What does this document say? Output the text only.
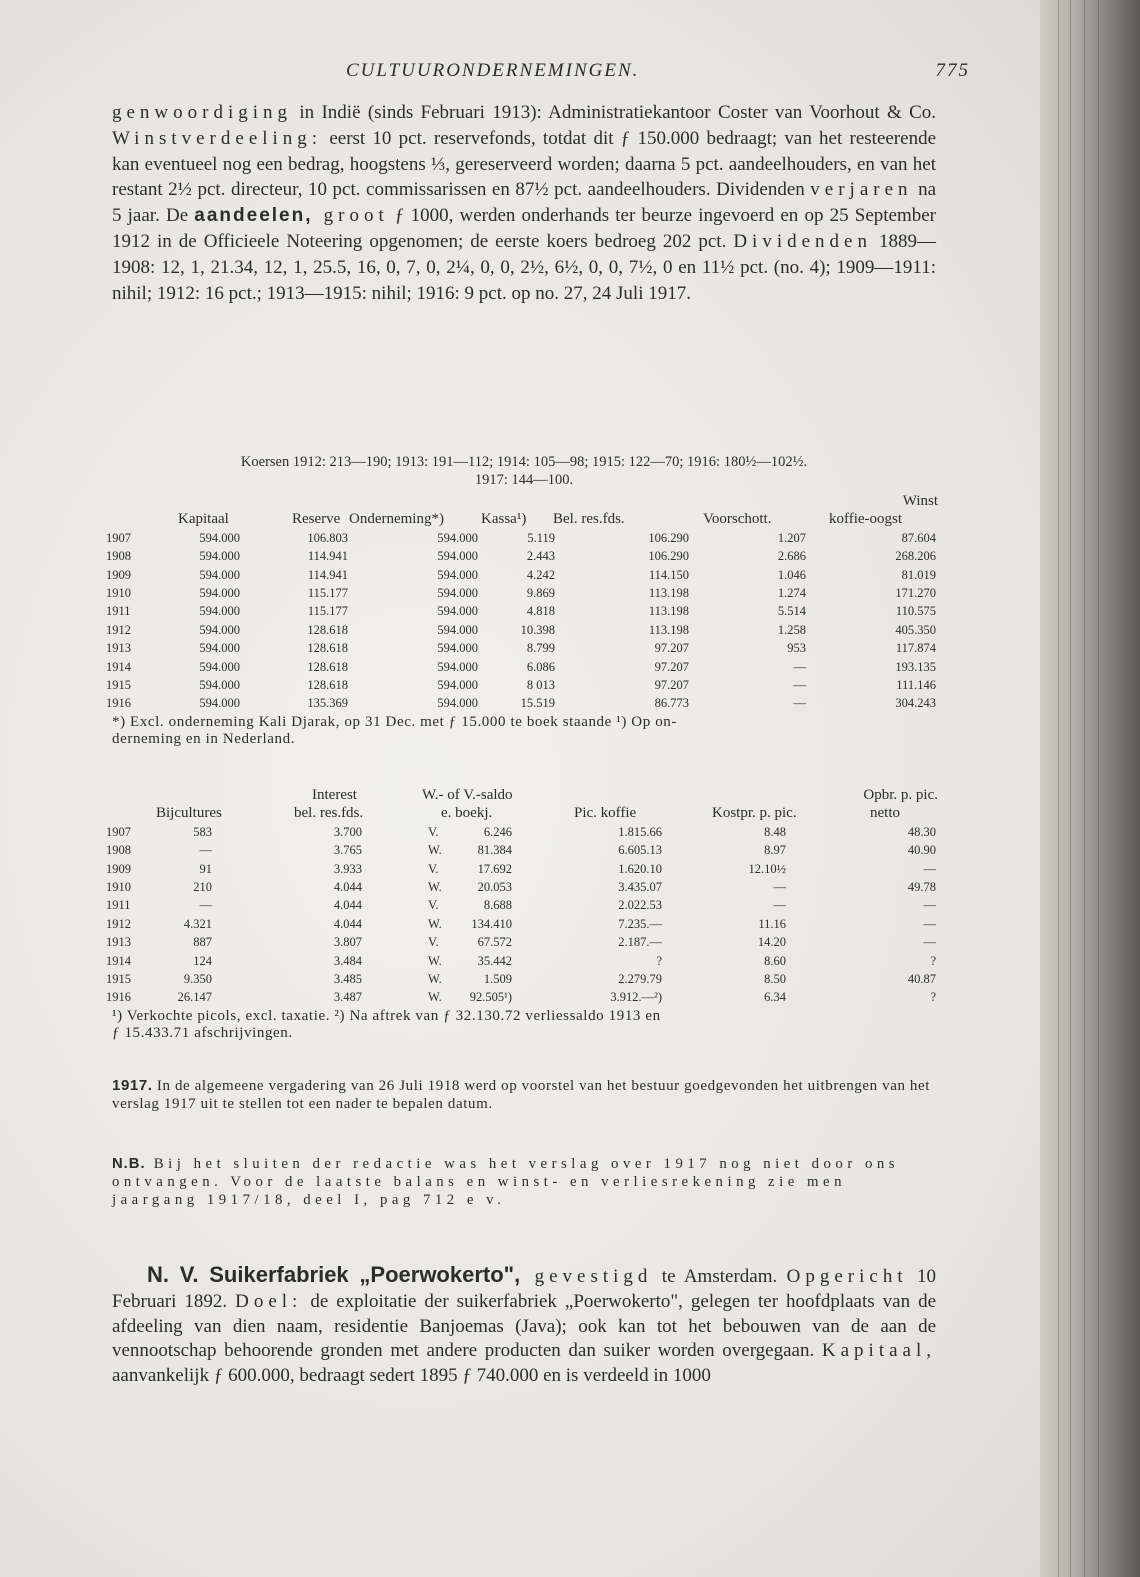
CULTUURONDERNEMINGEN.	775
genwoordiging in Indië (sinds Februari 1913): Administratiekantoor Coster van Voorhout & Co. Winstverdeeling: eerst 10 pct. reservefonds, totdat dit ƒ 150.000 bedraagt; van het resteerende kan eventueel nog een bedrag, hoogstens ⅓, gereserveerd worden; daarna 5 pct. aandeelhouders, en van het restant 2½ pct. directeur, 10 pct. commissarissen en 87½ pct. aandeelhouders. Dividenden verjaren na 5 jaar. De aandeelen, groot ƒ 1000, werden onderhands ter beurze ingevoerd en op 25 September 1912 in de Officieele Noteering opgenomen; de eerste koers bedroeg 202 pct. Dividenden 1889—1908: 12, 1, 21.34, 12, 1, 25.5, 16, 0, 7, 0, 2¼, 0, 0, 2½, 6½, 0, 0, 7½, 0 en 11½ pct. (no. 4); 1909—1911: nihil; 1912: 16 pct.; 1913—1915: nihil; 1916: 9 pct. op no. 27, 24 Juli 1917.
Koersen 1912: 213—190; 1913: 191—112; 1914: 105—98; 1915: 122—70; 1916: 180½—102½.
1917: 144—100.
Winst
Kapitaal	Reserve Onderneming*) Kassa¹) Bel. res.fds.	Voorschott.	koffie-oogst
1907	594.000	106.803	594.000	5.119	106.290	1.207	87.604
1908	594.000	114.941	594.000	2.443	106.290	2.686	268.206
1909	594.000	114.941	594.000	4.242	114.150	1.046	81.019
1910	594.000	115.177	594.000	9.869	113.198	1.274	171.270
1911	594.000	115.177	594.000	4.818	113.198	5.514	110.575
1912	594.000	128.618	594.000	10.398	113.198	1.258	405.350
1913	594.000	128.618	594.000	8.799	97.207	953	117.874
1914	594.000	128.618	594.000	6.086	97.207	—	193.135
1915	594.000	128.618	594.000	8 013	97.207	—	111.146
1916	594.000	135.369	594.000	15.519	86.773	—	304.243
*) Excl. onderneming Kali Djarak, op 31 Dec. met ƒ 15.000 te boek staande ¹) Op on-
derneming en in Nederland.
Interest	W.- of V.-saldo	Opbr. p. pic.
Bijcultures	bel. res.fds.	e. boekj.	Pic. koffie	Kostpr. p. pic.	netto
1907	583	3.700	V.	6.246	1.815.66	8.48	48.30
1908	—	3.765	W.	81.384	6.605.13	8.97	40.90
1909	91	3.933	V.	17.692	1.620.10	12.10½	—
1910	210	4.044	W.	20.053	3.435.07	—	49.78
1911	—	4.044	V.	8.688	2.022.53	—	—
1912	4.321	4.044	W. 134.410	7.235.—	11.16	—
1913	887	3.807	V.	67.572	2.187.—	14.20	—
1914	124	3.484	W.	35.442	?	8.60	?
1915	9.350	3.485	W.	1.509	2.279.79	8.50	40.87
1916	26.147	3.487	W. 92.505¹)	3.912.—²)	6.34	?
¹) Verkochte picols, excl. taxatie. ²) Na aftrek van ƒ 32.130.72 verliessaldo 1913 en
ƒ 15.433.71 afschrijvingen.
1917. In de algemeene vergadering van 26 Juli 1918 werd op voorstel van het bestuur goedgevonden het uitbrengen van het verslag 1917 uit te stellen tot een nader te bepalen datum.
N.B. Bij het sluiten der redactie was het verslag over 1917 nog niet door ons ontvangen. Voor de laatste balans en winst- en verliesrekening zie men jaargang 1917/18, deel I, pag 712 e v.
N. V. Suikerfabriek „Poerwokerto", gevestigd te Amsterdam. Opgericht 10 Februari 1892. Doel: de exploitatie der suikerfabriek „Poerwokerto", gelegen ter hoofdplaats van de afdeeling van dien naam, residentie Banjoemas (Java); ook kan tot het bebouwen van de aan de vennootschap behoorende gronden met andere producten dan suiker worden overgegaan. Kapitaal, aanvankelijk ƒ 600.000, bedraagt sedert 1895 ƒ 740.000 en is verdeeld in 1000
